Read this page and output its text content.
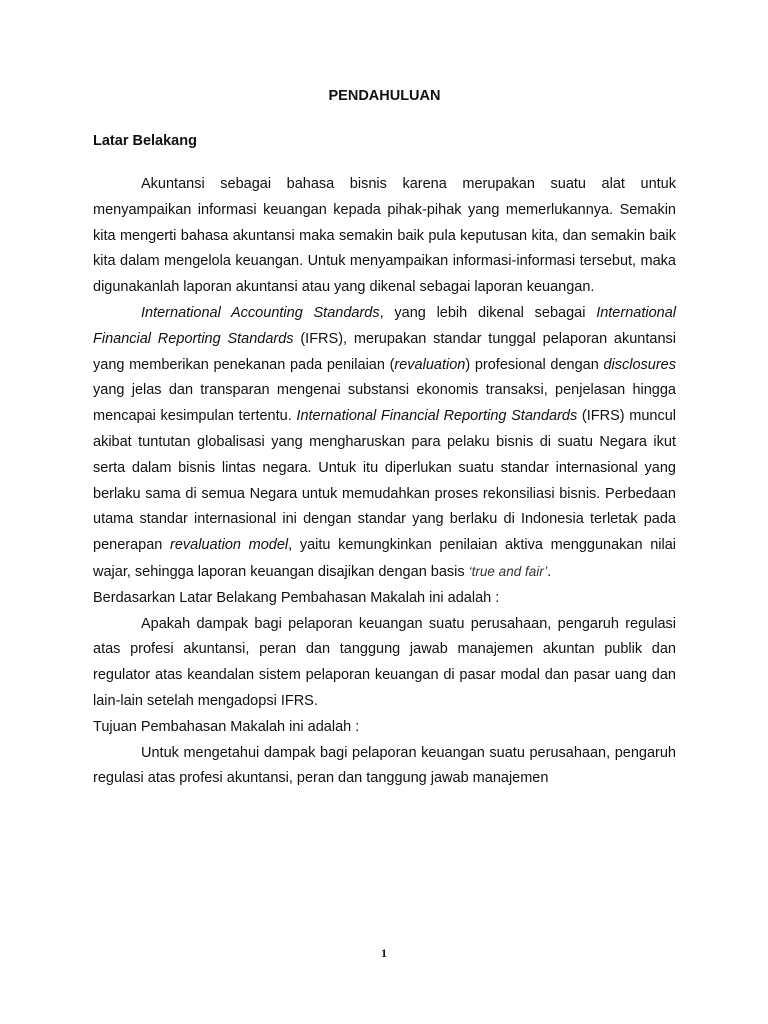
PENDAHULUAN
Latar Belakang

Akuntansi sebagai bahasa bisnis karena merupakan suatu alat untuk menyampaikan informasi keuangan kepada pihak-pihak yang memerlukannya. Semakin kita mengerti bahasa akuntansi maka semakin baik pula keputusan kita, dan semakin baik kita dalam mengelola keuangan. Untuk menyampaikan informasi-informasi tersebut, maka digunakanlah laporan akuntansi atau yang dikenal sebagai laporan keuangan.

International Accounting Standards, yang lebih dikenal sebagai International Financial Reporting Standards (IFRS), merupakan standar tunggal pelaporan akuntansi yang memberikan penekanan pada penilaian (revaluation) profesional dengan disclosures yang jelas dan transparan mengenai substansi ekonomis transaksi, penjelasan hingga mencapai kesimpulan tertentu. International Financial Reporting Standards (IFRS) muncul akibat tuntutan globalisasi yang mengharuskan para pelaku bisnis di suatu Negara ikut serta dalam bisnis lintas negara. Untuk itu diperlukan suatu standar internasional yang berlaku sama di semua Negara untuk memudahkan proses rekonsiliasi bisnis. Perbedaan utama standar internasional ini dengan standar yang berlaku di Indonesia terletak pada penerapan revaluation model, yaitu kemungkinkan penilaian aktiva menggunakan nilai wajar, sehingga laporan keuangan disajikan dengan basis ‘true and fair’.

Berdasarkan Latar Belakang Pembahasan Makalah ini adalah :

Apakah dampak bagi pelaporan keuangan suatu perusahaan, pengaruh regulasi atas profesi akuntansi, peran dan tanggung jawab manajemen akuntan publik dan regulator atas keandalan sistem pelaporan keuangan di pasar modal dan pasar uang dan lain-lain setelah mengadopsi IFRS.

Tujuan Pembahasan Makalah ini adalah :

Untuk mengetahui dampak bagi pelaporan keuangan suatu perusahaan, pengaruh regulasi atas profesi akuntansi, peran dan tanggung jawab manajemen

1
